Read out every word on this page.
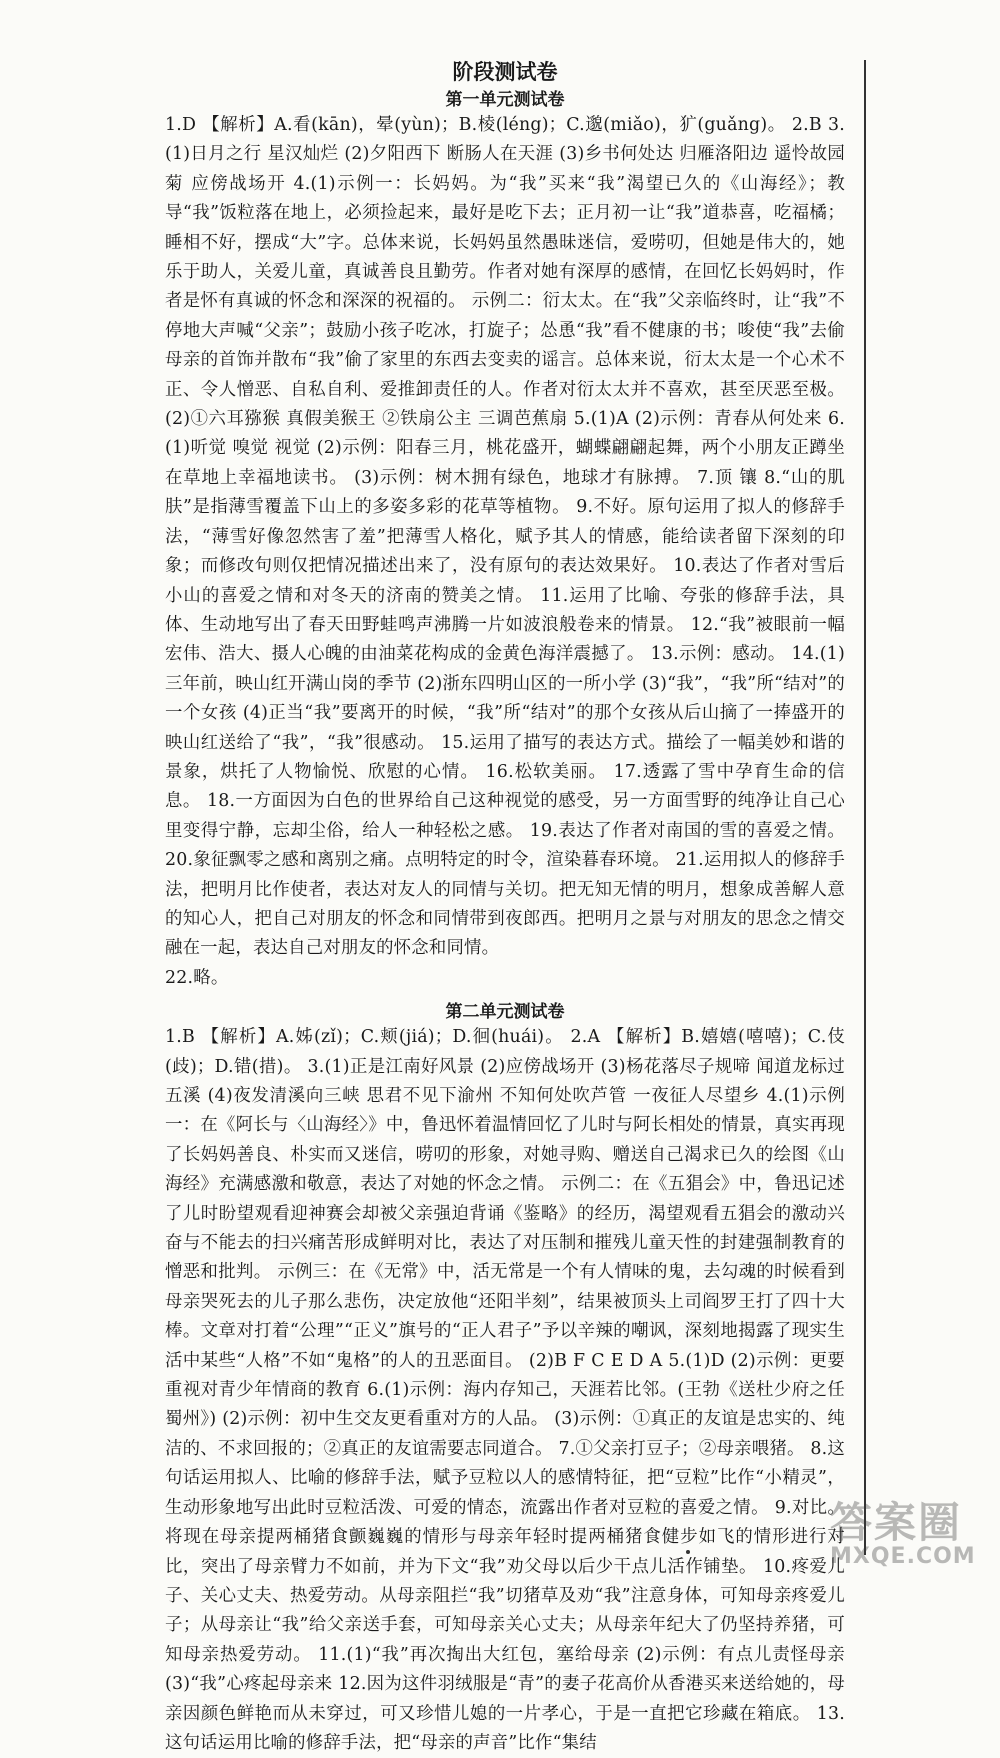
阶段测试卷
第一单元测试卷

1.D 【解析】A.看(kān)，晕(yùn)；B.棱(léng)；C.邈(miǎo)，犷(guǎng)。 2.B 3.(1)日月之行 星汉灿烂 (2)夕阳西下 断肠人在天涯 (3)乡书何处达 归雁洛阳边 遥怜故园菊 应傍战场开 4.(1)示例一：长妈妈。为“我”买来“我”渴望已久的《山海经》；教导“我”饭粒落在地上，必须捡起来，最好是吃下去；正月初一让“我”道恭喜，吃福橘；睡相不好，摆成“大”字。总体来说，长妈妈虽然愚昧迷信，爱唠叨，但她是伟大的，她乐于助人，关爱儿童，真诚善良且勤劳。作者对她有深厚的感情，在回忆长妈妈时，作者是怀有真诚的怀念和深深的祝福的。 示例二：衍太太。在“我”父亲临终时，让“我”不停地大声喊“父亲”；鼓励小孩子吃冰，打旋子；怂恿“我”看不健康的书；唆使“我”去偷母亲的首饰并散布“我”偷了家里的东西去变卖的谣言。总体来说，衍太太是一个心术不正、令人憎恶、自私自利、爱推卸责任的人。作者对衍太太并不喜欢，甚至厌恶至极。 (2)①六耳猕猴 真假美猴王 ②铁扇公主 三调芭蕉扇 5.(1)A (2)示例：青春从何处来 6.(1)听觉 嗅觉 视觉 (2)示例：阳春三月，桃花盛开，蝴蝶翩翩起舞，两个小朋友正蹲坐在草地上幸福地读书。 (3)示例：树木拥有绿色，地球才有脉搏。 7.顶 镶 8.“山的肌肤”是指薄雪覆盖下山上的多姿多彩的花草等植物。 9.不好。原句运用了拟人的修辞手法，“薄雪好像忽然害了羞”把薄雪人格化，赋予其人的情感，能给读者留下深刻的印象；而修改句则仅把情况描述出来了，没有原句的表达效果好。 10.表达了作者对雪后小山的喜爱之情和对冬天的济南的赞美之情。 11.运用了比喻、夸张的修辞手法，具体、生动地写出了春天田野蛙鸣声沸腾一片如波浪般卷来的情景。 12.“我”被眼前一幅宏伟、浩大、摄人心魄的由油菜花构成的金黄色海洋震撼了。 13.示例：感动。 14.(1)三年前，映山红开满山岗的季节 (2)浙东四明山区的一所小学 (3)“我”，“我”所“结对”的一个女孩 (4)正当“我”要离开的时候，“我”所“结对”的那个女孩从后山摘了一捧盛开的映山红送给了“我”，“我”很感动。 15.运用了描写的表达方式。描绘了一幅美妙和谐的景象，烘托了人物愉悦、欣慰的心情。 16.松软美丽。 17.透露了雪中孕育生命的信息。 18.一方面因为白色的世界给自己这种视觉的感受，另一方面雪野的纯净让自己心里变得宁静，忘却尘俗，给人一种轻松之感。 19.表达了作者对南国的雪的喜爱之情。 20.象征飘零之感和离别之痛。点明特定的时令，渲染暮春环境。 21.运用拟人的修辞手法，把明月比作使者，表达对友人的同情与关切。把无知无情的明月，想象成善解人意的知心人，把自己对朋友的怀念和同情带到夜郎西。把明月之景与对朋友的思念之情交融在一起，表达自己对朋友的怀念和同情。

22.略。

第二单元测试卷

1.B 【解析】A.姊(zǐ)；C.颊(jiá)；D.徊(huái)。 2.A 【解析】B.嬉嬉(嘻嘻)；C.伎(歧)；D.错(措)。 3.(1)正是江南好风景 (2)应傍战场开 (3)杨花落尽子规啼 闻道龙标过五溪 (4)夜发清溪向三峡 思君不见下渝州 不知何处吹芦管 一夜征人尽望乡 4.(1)示例一：在《阿长与〈山海经〉》中，鲁迅怀着温情回忆了儿时与阿长相处的情景，真实再现了长妈妈善良、朴实而又迷信，唠叨的形象，对她寻购、赠送自己渴求已久的绘图《山海经》充满感激和敬意，表达了对她的怀念之情。 示例二：在《五猖会》中，鲁迅记述了儿时盼望观看迎神赛会却被父亲强迫背诵《鉴略》的经历，渴望观看五猖会的激动兴奋与不能去的扫兴痛苦形成鲜明对比，表达了对压制和摧残儿童天性的封建强制教育的憎恶和批判。 示例三：在《无常》中，活无常是一个有人情味的鬼，去勾魂的时候看到母亲哭死去的儿子那么悲伤，决定放他“还阳半刻”，结果被顶头上司阎罗王打了四十大棒。文章对打着“公理”“正义”旗号的“正人君子”予以辛辣的嘲讽，深刻地揭露了现实生活中某些“人格”不如“鬼格”的人的丑恶面目。 (2)B F C E D A 5.(1)D (2)示例：更要重视对青少年情商的教育 6.(1)示例：海内存知己，天涯若比邻。(王勃《送杜少府之任蜀州》) (2)示例：初中生交友更看重对方的人品。 (3)示例：①真正的友谊是忠实的、纯洁的、不求回报的；②真正的友谊需要志同道合。 7.①父亲打豆子；②母亲喂猪。 8.这句话运用拟人、比喻的修辞手法，赋予豆粒以人的感情特征，把“豆粒”比作“小精灵”，生动形象地写出此时豆粒活泼、可爱的情态，流露出作者对豆粒的喜爱之情。 9.对比。将现在母亲提两桶猪食颤巍巍的情形与母亲年轻时提两桶猪食健步如飞的情形进行对比，突出了母亲臂力不如前，并为下文“我”劝父母以后少干点儿活作铺垫。 10.疼爱儿子、关心丈夫、热爱劳动。从母亲阻拦“我”切猪草及劝“我”注意身体，可知母亲疼爱儿子；从母亲让“我”给父亲送手套，可知母亲关心丈夫；从母亲年纪大了仍坚持养猪，可知母亲热爱劳动。 11.(1)“我”再次掏出大红包，塞给母亲 (2)示例：有点儿责怪母亲 (3)“我”心疼起母亲来 12.因为这件羽绒服是“青”的妻子花高价从香港买来送给她的，母亲因颜色鲜艳而从未穿过，可又珍惜儿媳的一片孝心，于是一直把它珍藏在箱底。 13.这句话运用比喻的修辞手法，把“母亲的声音”比作“集结

答案圈
MXQE.COM
